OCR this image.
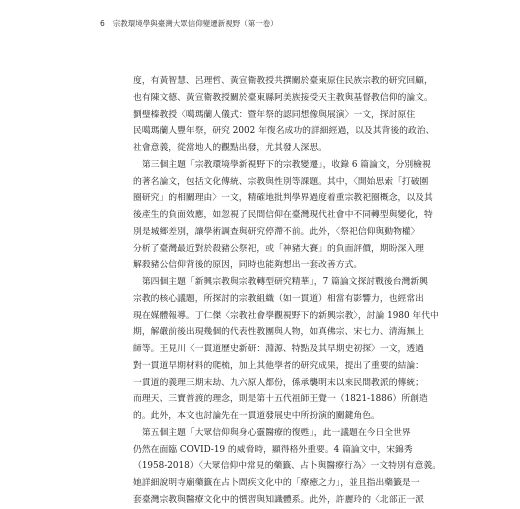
6 宗教環境學與臺灣大眾信仰變遷新視野（第一卷）

度，有黃智慧、呂理哲、黃宣衛教授共撰關於臺東原住民族宗教的研究回顧，
也有陳文德、黃宣衛教授關於臺東縣阿美族接受天主教與基督教信仰的論文。
劉璧榛教授〈噶瑪蘭人儀式：暨年祭的認同想像與展演〉一文，探討原住
民噶瑪蘭人豐年祭，研究 2002 年復名成功的詳細經過，以及其背後的政治、
社會意義，從當地人的觀點出發，尤其發人深思。

　第三個主題「宗教環境學新視野下的宗教變遷」，收錄 6 篇論文，分別檢視
的著名論文，包括文化傳統、宗教與性別等課題。其中，〈開始思索「打破圍
圈研究」的相關理由〉一文，精確地批判學界過度着重宗教祀圈概念，以及其
後產生的負面效應，如忽視了民間信仰在臺灣現代社會中不同轉型與變化，特
別是城鄉差別，讓學術調查與研究停滯不前。此外，〈祭祀信仰與動物權〉
分析了臺灣最近對於殺豬公祭祀，或「神豬大賽」的負面評價，期盼深入理
解殺豬公信仰背後的原因，同時也能夠想出一套改善方式。

　第四個主題「新興宗教與宗教轉型研究精華」，7 篇論文探討戰後台灣新興
宗教的核心議題，所探討的宗教組織（如一貫道）相當有影響力，也經常出
現在媒體報導。丁仁傑〈宗教社會學觀視野下的新興宗教〉，討論 1980 年代中
期，解嚴前後出現幾個的代表性教團與人物，如真佛宗、宋七力、清海無上
師等。王見川〈一貫道歷史新研：淵源、特點及其早期史初探〉一文，透過
對一貫道早期材料的爬梳，加上其他學者的研究成果，提出了重要的結論：
一貫道的義理三期末劫、九六原人都份，係承襲明末以來民間教派的傳統；
而理天、三寶普渡的理念，則是第十五代祖師王覺一（1821-1886）所創造
的。此外，本文也討論先在一貫道發展史中所扮演的關鍵角色。

　第五個主題「大眾信仰與身心靈醫療的復甦」，此一議題在今日全世界
仍然在面臨 COVID-19 的威脅時，顯得格外重要。4 篇論文中，宋錦秀
（1958-2018）〈大眾信仰中常見的藥籤、占卜與醫療行為〉一文特別有意義。
她詳細說明寺廟藥籤在占卜間疾文化中的「療癒之力」，並且指出藥籤是一
套臺灣宗教與醫療文化中的慣習與知識體系。此外，許麗玲的〈北部正一派
